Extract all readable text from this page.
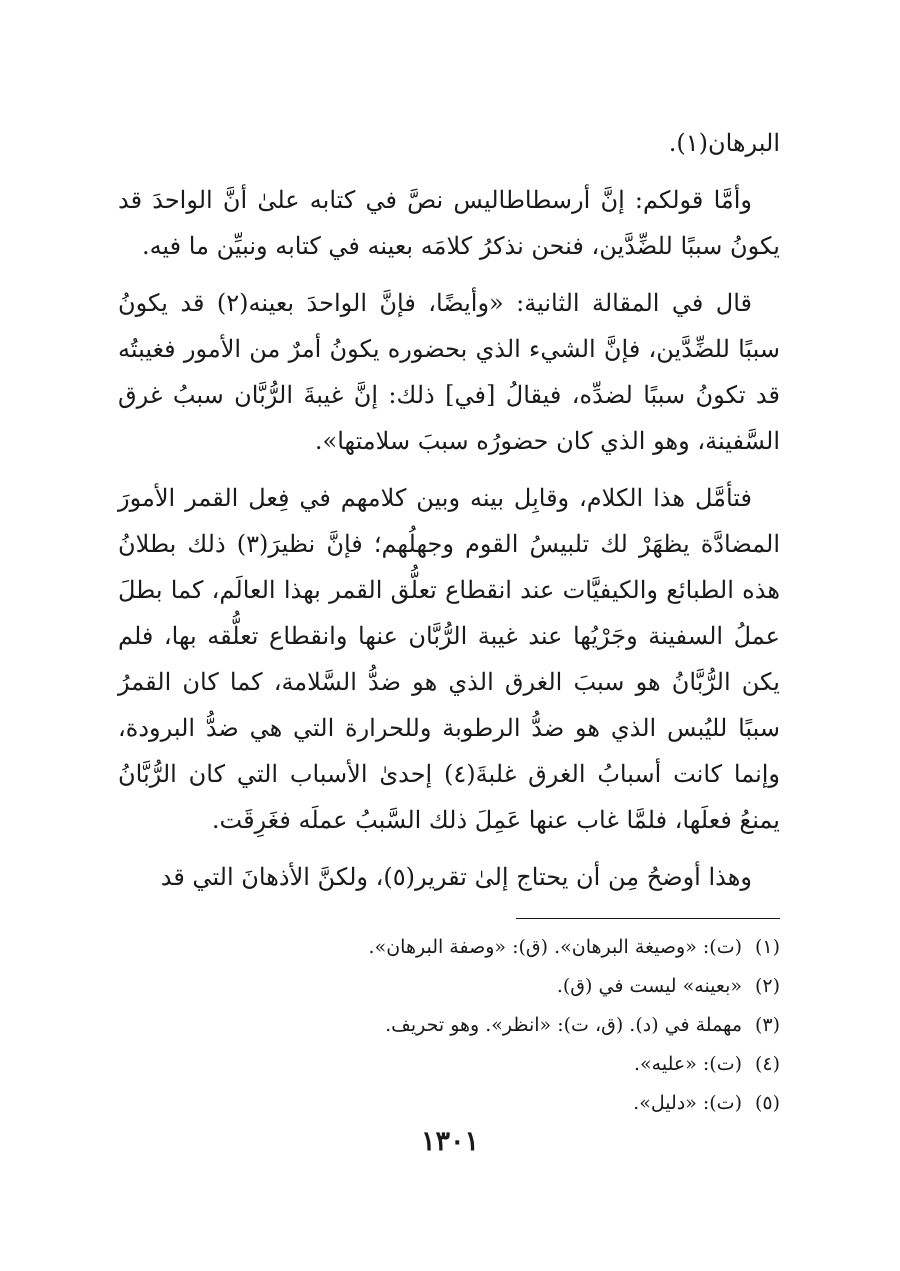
البرهان(١).

وأمَّا قولكم: إنَّ أرسطاطاليس نصَّ في كتابه علىٰ أنَّ الواحدَ قد يكونُ سببًا للضِّدَّين، فنحن نذكرُ كلامَه بعينه في كتابه ونبيِّن ما فيه.

قال في المقالة الثانية: «وأيضًا، فإنَّ الواحدَ بعينه(٢) قد يكونُ سببًا للضِّدَّين، فإنَّ الشيء الذي بحضوره يكونُ أمرٌ من الأمور فغيبتُه قد تكونُ سببًا لضدِّه، فيقالُ [في] ذلك: إنَّ غيبةَ الرُّبَّان سببُ غرق السَّفينة، وهو الذي كان حضورُه سببَ سلامتها».

فتأمَّل هذا الكلام، وقابِل بينه وبين كلامهم في فِعل القمر الأمورَ المضادَّة يظهَرْ لك تلبيسُ القوم وجهلُهم؛ فإنَّ نظيرَ(٣) ذلك بطلانُ هذه الطبائع والكيفيَّات عند انقطاع تعلُّق القمر بهذا العالَم، كما بطلَ عملُ السفينة وجَرْيُها عند غيبة الرُّبَّان عنها وانقطاع تعلُّقه بها، فلم يكن الرُّبَّانُ هو سببَ الغرق الذي هو ضدُّ السَّلامة، كما كان القمرُ سببًا لليُبس الذي هو ضدُّ الرطوبة وللحرارة التي هي ضدُّ البرودة، وإنما كانت أسبابُ الغرق غلبةَ(٤) إحدىٰ الأسباب التي كان الرُّبَّانُ يمنعُ فعلَها، فلمَّا غاب عنها عَمِلَ ذلك السَّببُ عملَه فغَرِقَت.

وهذا أوضحُ مِن أن يحتاج إلىٰ تقرير(٥)، ولكنَّ الأذهانَ التي قد

(١)
(ت): «وصيغة البرهان». (ق): «وصفة البرهان».
(٢)
«بعينه» ليست في (ق).
(٣)
مهملة في (د). (ق، ت): «انظر». وهو تحريف.
(٤)
(ت): «عليه».
(٥)
(ت): «دليل».
١٣٠١
